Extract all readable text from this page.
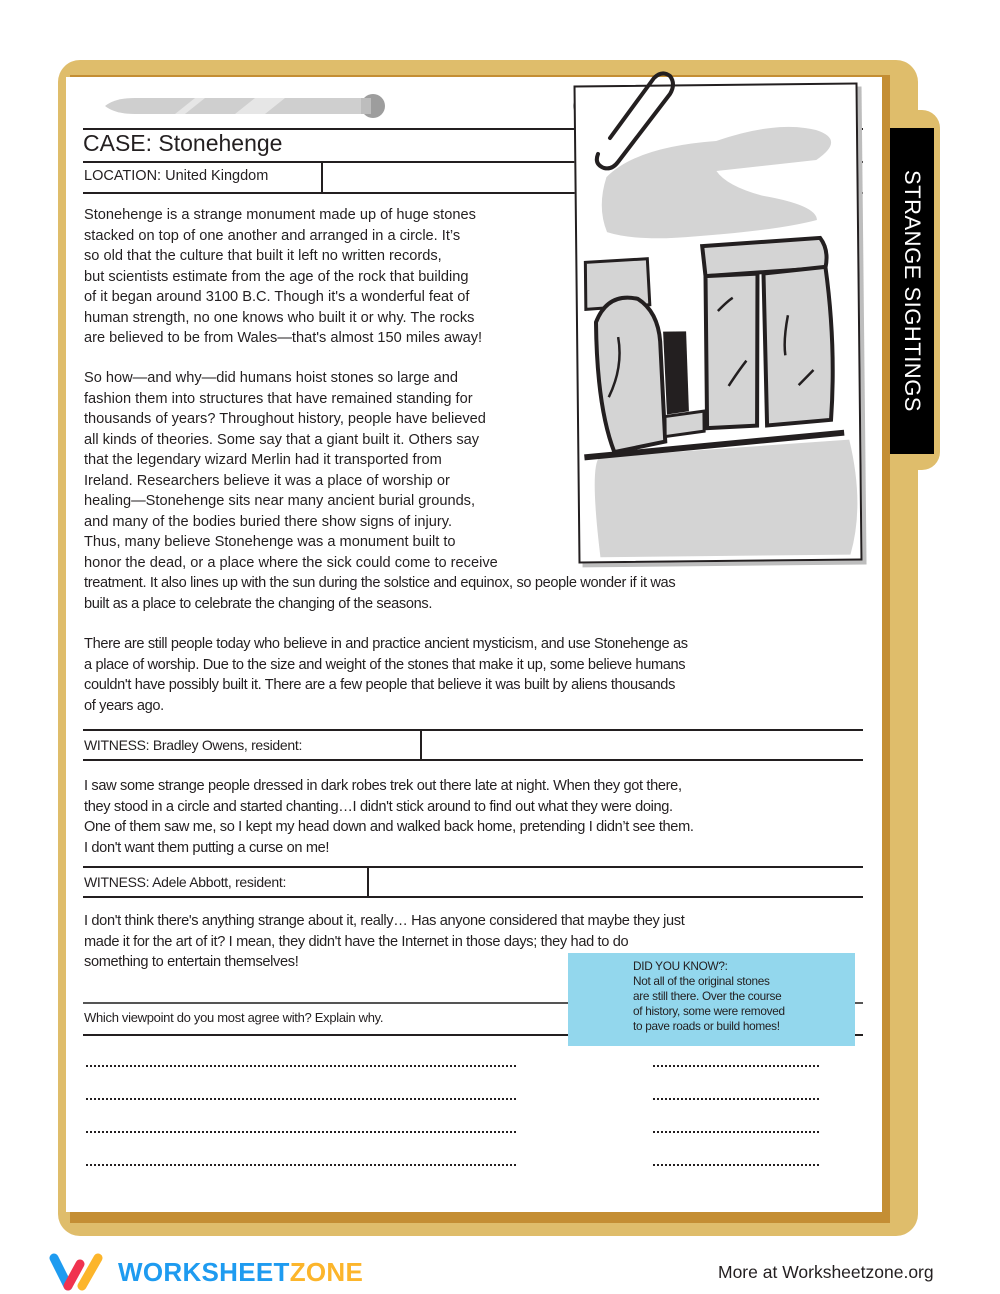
STRANGE SIGHTINGS
CASE: Stonehenge
LOCATION: United Kingdom
Stonehenge is a strange monument made up of huge stones
stacked on top of one another and arranged in a circle. It’s
so old that the culture that built it left no written records,
but scientists estimate from the age of the rock that building
of it began around 3100 B.C. Though it's a wonderful feat of
human strength, no one knows who built it or why. The rocks
are believed to be from Wales—that's almost 150 miles away!
So how—and why—did humans hoist stones so large and
fashion them into structures that have remained standing for
thousands of years? Throughout history, people have believed
all kinds of theories. Some say that a giant built it. Others say
that the legendary wizard Merlin had it transported from
Ireland. Researchers believe it was a place of worship or
healing—Stonehenge sits near many ancient burial grounds,
and many of the bodies buried there show signs of injury.
Thus, many believe Stonehenge was a monument built to
honor the dead, or a place where the sick could come to receive
treatment. It also lines up with the sun during the solstice and equinox, so people wonder if it was
built as a place to celebrate the changing of the seasons.
There are still people today who believe in and practice ancient mysticism, and use Stonehenge as
a place of worship. Due to the size and weight of the stones that make it up, some believe humans
couldn't have possibly built it. There are a few people that believe it was built by aliens thousands
of years ago.
WITNESS: Bradley Owens, resident:
I saw some strange people dressed in dark robes trek out there late at night. When they got there,
they stood in a circle and started chanting…I didn't stick around to find out what they were doing.
One of them saw me, so I kept my head down and walked back home, pretending I didn’t see them.
I don't want them putting a curse on me!
WITNESS: Adele Abbott, resident:
I don't think there's anything strange about it, really… Has anyone considered that maybe they just
made it for the art of it? I mean, they didn't have the Internet in those days; they had to do
something to entertain themselves!
Which viewpoint do you most agree with? Explain why.
DID YOU KNOW?:
Not all of the original stones
are still there. Over the course
of history, some were removed
to pave roads or build homes!
WORKSHEETZONE	More at Worksheetzone.org
